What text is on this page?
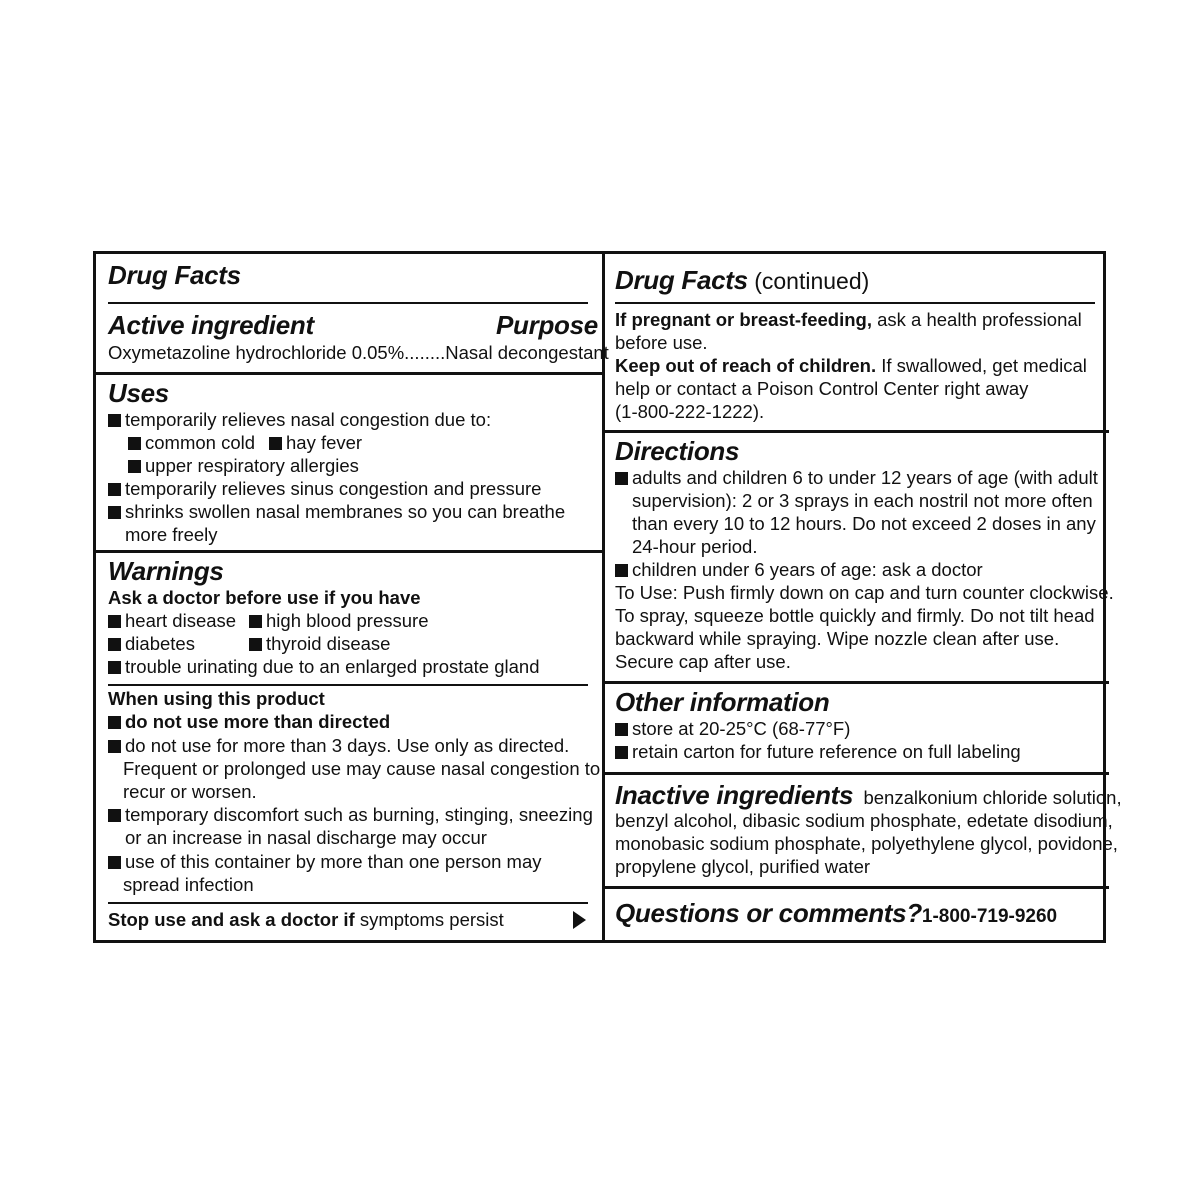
Drug Facts
Active ingredient	Purpose
Oxymetazoline hydrochloride 0.05%........Nasal decongestant
Uses
temporarily relieves nasal congestion due to:
common cold	hay fever
upper respiratory allergies
temporarily relieves sinus congestion and pressure
shrinks swollen nasal membranes so you can breathe
more freely
Warnings
Ask a doctor before use if you have
heart disease	high blood pressure
diabetes	thyroid disease
trouble urinating due to an enlarged prostate gland
When using this product
do not use more than directed
do not use for more than 3 days. Use only as directed.
Frequent or prolonged use may cause nasal congestion to
recur or worsen.
temporary discomfort such as burning, stinging, sneezing
or an increase in nasal discharge may occur
use of this container by more than one person may
spread infection
Stop use and ask a doctor if symptoms persist
Drug Facts (continued)
If pregnant or breast-feeding, ask a health professional
before use.
Keep out of reach of children. If swallowed, get medical
help or contact a Poison Control Center right away
(1-800-222-1222).
Directions
adults and children 6 to under 12 years of age (with adult
supervision): 2 or 3 sprays in each nostril not more often
than every 10 to 12 hours. Do not exceed 2 doses in any
24-hour period.
children under 6 years of age: ask a doctor
To Use: Push firmly down on cap and turn counter clockwise.
To spray, squeeze bottle quickly and firmly. Do not tilt head
backward while spraying. Wipe nozzle clean after use.
Secure cap after use.
Other information
store at 20-25°C (68-77°F)
retain carton for future reference on full labeling
Inactive ingredients benzalkonium chloride solution,
benzyl alcohol, dibasic sodium phosphate, edetate disodium,
monobasic sodium phosphate, polyethylene glycol, povidone,
propylene glycol, purified water
Questions or comments?1-800-719-9260
